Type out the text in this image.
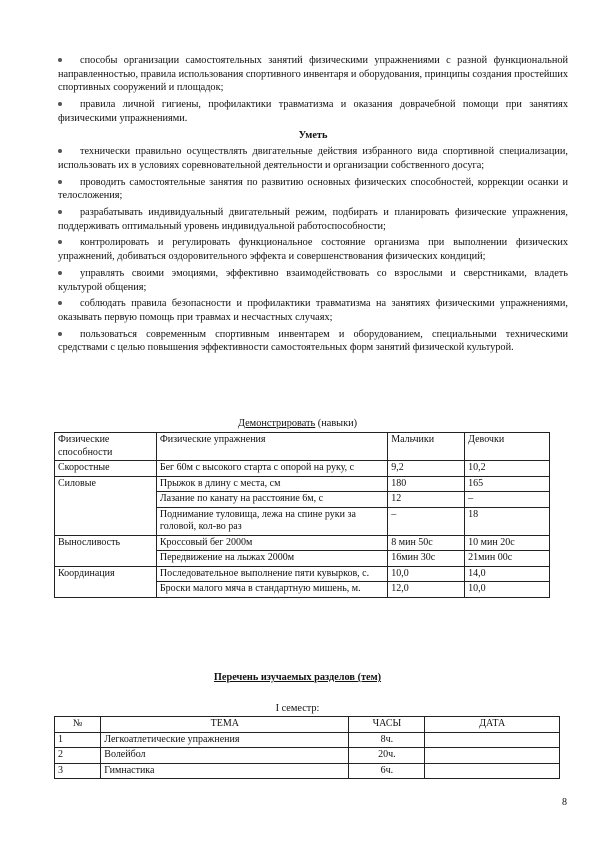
способы организации самостоятельных занятий физическими упражнениями с разной функциональной направленностью, правила использования спортивного инвентаря и оборудования, принципы создания простейших спортивных сооружений и площадок;

правила личной гигиены, профилактики травматизма и оказания доврачебной помощи при занятиях физическими упражнениями.

Уметь

технически правильно осуществлять двигательные действия избранного вида спортивной специализации, использовать их в условиях соревновательной деятельности и организации собственного досуга;

проводить самостоятельные занятия по развитию основных физических способностей, коррекции осанки и телосложения;

разрабатывать индивидуальный двигательный режим, подбирать и планировать физические упражнения, поддерживать оптимальный уровень индивидуальной работоспособности;

контролировать и регулировать функциональное состояние организма при выполнении физических упражнений, добиваться оздоровительного эффекта и совершенствования физических кондиций;

управлять своими эмоциями, эффективно взаимодействовать со взрослыми и сверстниками, владеть культурой общения;

соблюдать правила безопасности и профилактики травматизма на занятиях физическими упражнениями, оказывать первую помощь при травмах и несчастных случаях;

пользоваться современным спортивным инвентарем и оборудованием, специальными техническими средствами с целью повышения эффективности самостоятельных форм занятий физической культурой.

Демонстрировать (навыки)
Физические способности	Физические упражнения	Мальчики	Девочки
Скоростные	Бег 60м с высокого старта с опорой на руку, с	9,2	10,2
Силовые	Прыжок в длину с места, см	180	165
	Лазание по канату на расстояние 6м, с	12	–
	Поднимание туловища, лежа на спине руки за головой, кол-во раз	–	18
Выносливость	Кроссовый бег 2000м	8 мин 50с	10 мин 20с
	Передвижение на лыжах 2000м	16мин 30с	21мин 00с
Координация	Последовательное выполнение пяти кувырков, с.	10,0	14,0
	Броски малого мяча в стандартную мишень, м.	12,0	10,0
Перечень изучаемых разделов (тем)
I семестр:
№	ТЕМА	ЧАСЫ	ДАТА
1	Легкоатлетические упражнения	8ч.	
2	Волейбол	20ч.	
3	Гимнастика	6ч.	
8
